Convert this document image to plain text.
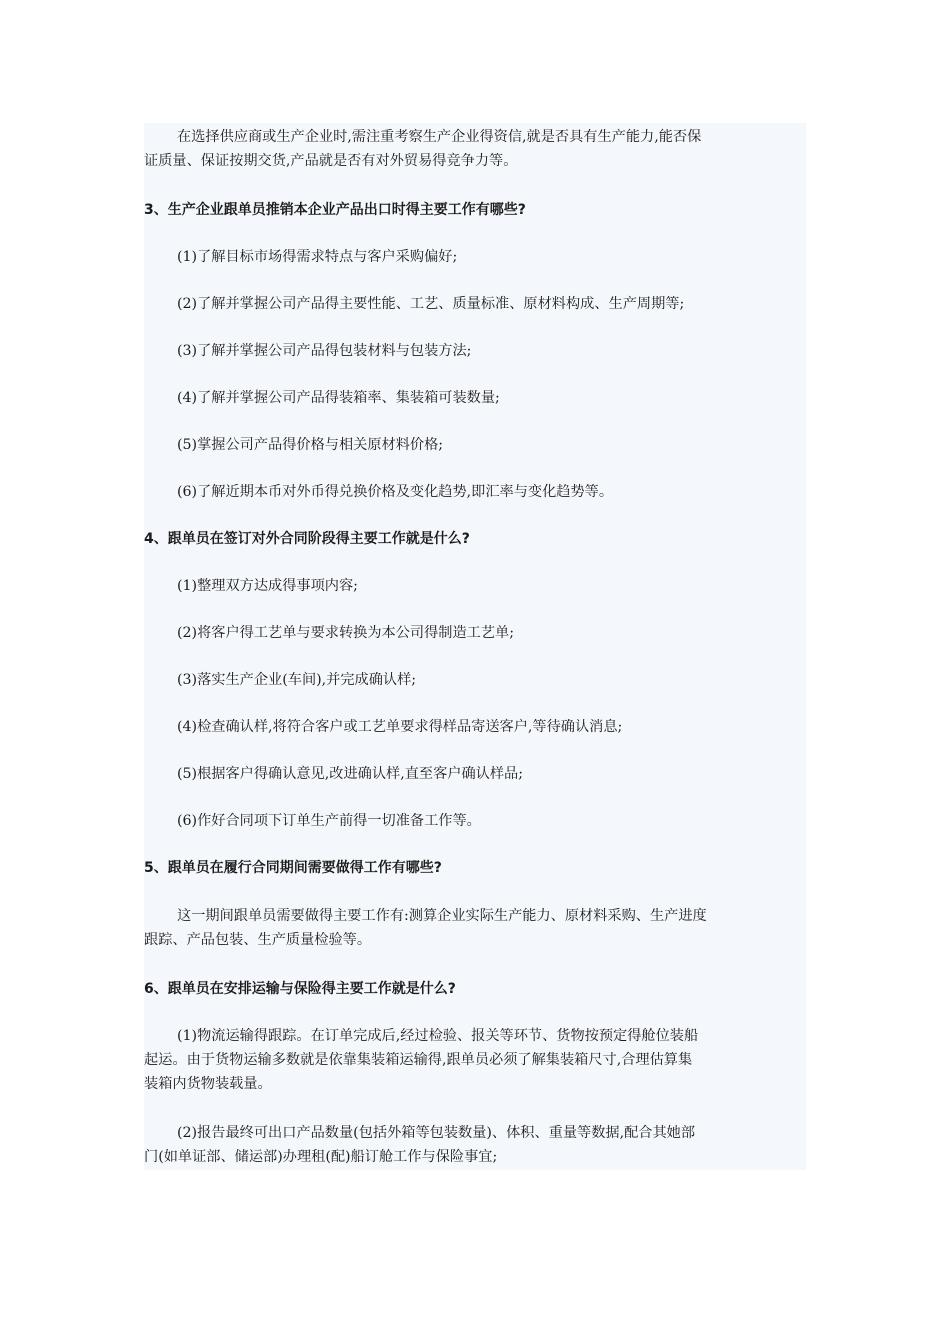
在选择供应商或生产企业时,需注重考察生产企业得资信,就是否具有生产能力,能否保
证质量、保证按期交货,产品就是否有对外贸易得竞争力等。
3、生产企业跟单员推销本企业产品出口时得主要工作有哪些?
(1)了解目标市场得需求特点与客户采购偏好;
(2)了解并掌握公司产品得主要性能、工艺、质量标准、原材料构成、生产周期等;
(3)了解并掌握公司产品得包装材料与包装方法;
(4)了解并掌握公司产品得装箱率、集装箱可装数量;
(5)掌握公司产品得价格与相关原材料价格;
(6)了解近期本币对外币得兑换价格及变化趋势,即汇率与变化趋势等。
4、跟单员在签订对外合同阶段得主要工作就是什么?
(1)整理双方达成得事项内容;
(2)将客户得工艺单与要求转换为本公司得制造工艺单;
(3)落实生产企业(车间),并完成确认样;
(4)检查确认样,将符合客户或工艺单要求得样品寄送客户,等待确认消息;
(5)根据客户得确认意见,改进确认样,直至客户确认样品;
(6)作好合同项下订单生产前得一切准备工作等。
5、跟单员在履行合同期间需要做得工作有哪些?
这一期间跟单员需要做得主要工作有:测算企业实际生产能力、原材料采购、生产进度
跟踪、产品包装、生产质量检验等。
6、跟单员在安排运输与保险得主要工作就是什么?
(1)物流运输得跟踪。在订单完成后,经过检验、报关等环节、货物按预定得舱位装船
起运。由于货物运输多数就是依靠集装箱运输得,跟单员必须了解集装箱尺寸,合理估算集
装箱内货物装载量。
(2)报告最终可出口产品数量(包括外箱等包装数量)、体积、重量等数据,配合其她部
门(如单证部、储运部)办理租(配)船订舱工作与保险事宜;
